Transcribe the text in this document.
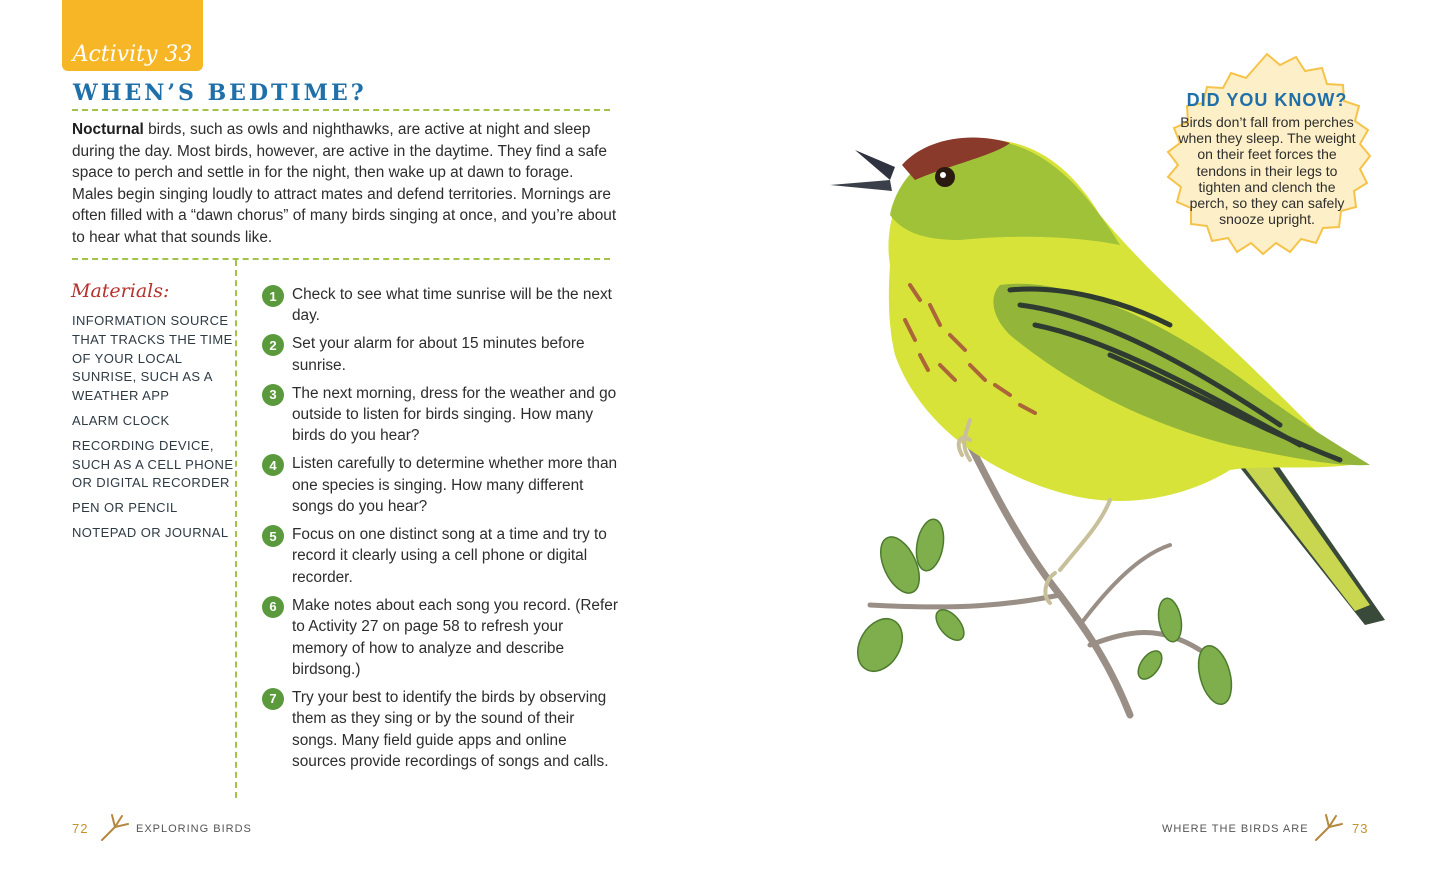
Activity 33
WHEN’S BEDTIME?

Nocturnal birds, such as owls and nighthawks, are active at night and sleep during the day. Most birds, however, are active in the daytime. They find a safe space to perch and settle in for the night, then wake up at dawn to forage. Males begin singing loudly to attract mates and defend territories. Mornings are often filled with a “dawn chorus” of many birds singing at once, and you’re about to hear what that sounds like.

Materials:
INFORMATION SOURCE THAT TRACKS THE TIME OF YOUR LOCAL SUNRISE, SUCH AS A WEATHER APP
ALARM CLOCK
RECORDING DEVICE, SUCH AS A CELL PHONE OR DIGITAL RECORDER
PEN OR PENCIL
NOTEPAD OR JOURNAL
1 Check to see what time sunrise will be the next day.
2 Set your alarm for about 15 minutes before sunrise.
3 The next morning, dress for the weather and go outside to listen for birds singing. How many birds do you hear?
4 Listen carefully to determine whether more than one species is singing. How many different songs do you hear?
5 Focus on one distinct song at a time and try to record it clearly using a cell phone or digital recorder.
6 Make notes about each song you record. (Refer to Activity 27 on page 58 to refresh your memory of how to analyze and describe birdsong.)
7 Try your best to identify the birds by observing them as they sing or by the sound of their songs. Many field guide apps and online sources provide recordings of songs and calls.
72	EXPLORING BIRDS
DID YOU KNOW?
Birds don’t fall from perches when they sleep. The weight on their feet forces the tendons in their legs to tighten and clench the perch, so they can safely snooze upright.
WHERE THE BIRDS ARE	73
